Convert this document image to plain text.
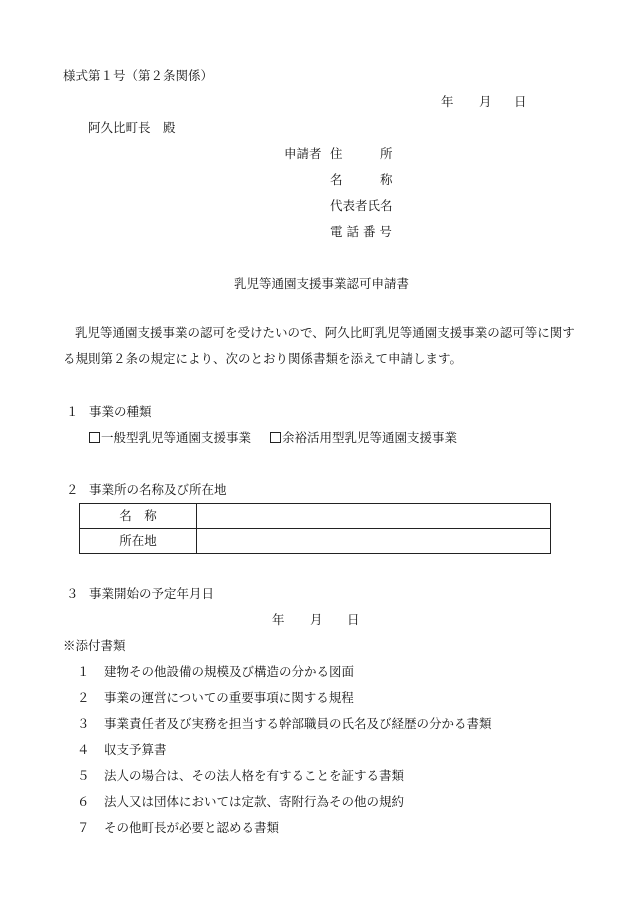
様式第１号（第２条関係）
年 月 日
阿久比町長　殿
申請者 住　　　所
名　　　称
代表者氏名
電 話 番 号
乳児等通園支援事業認可申請書
乳児等通園支援事業の認可を受けたいので、阿久比町乳児等通園支援事業の認可等に関す
る規則第２条の規定により、次のとおり関係書類を添えて申請します。
１ 事業の種類
一般型乳児等通園支援事業	余裕活用型乳児等通園支援事業
２ 事業所の名称及び所在地
名　称	
所在地	
３ 事業開始の予定年月日
年 月 日
※添付書類
１ 建物その他設備の規模及び構造の分かる図面
２ 事業の運営についての重要事項に関する規程
３ 事業責任者及び実務を担当する幹部職員の氏名及び経歴の分かる書類
４ 収支予算書
５ 法人の場合は、その法人格を有することを証する書類
６ 法人又は団体においては定款、寄附行為その他の規約
７ その他町長が必要と認める書類
